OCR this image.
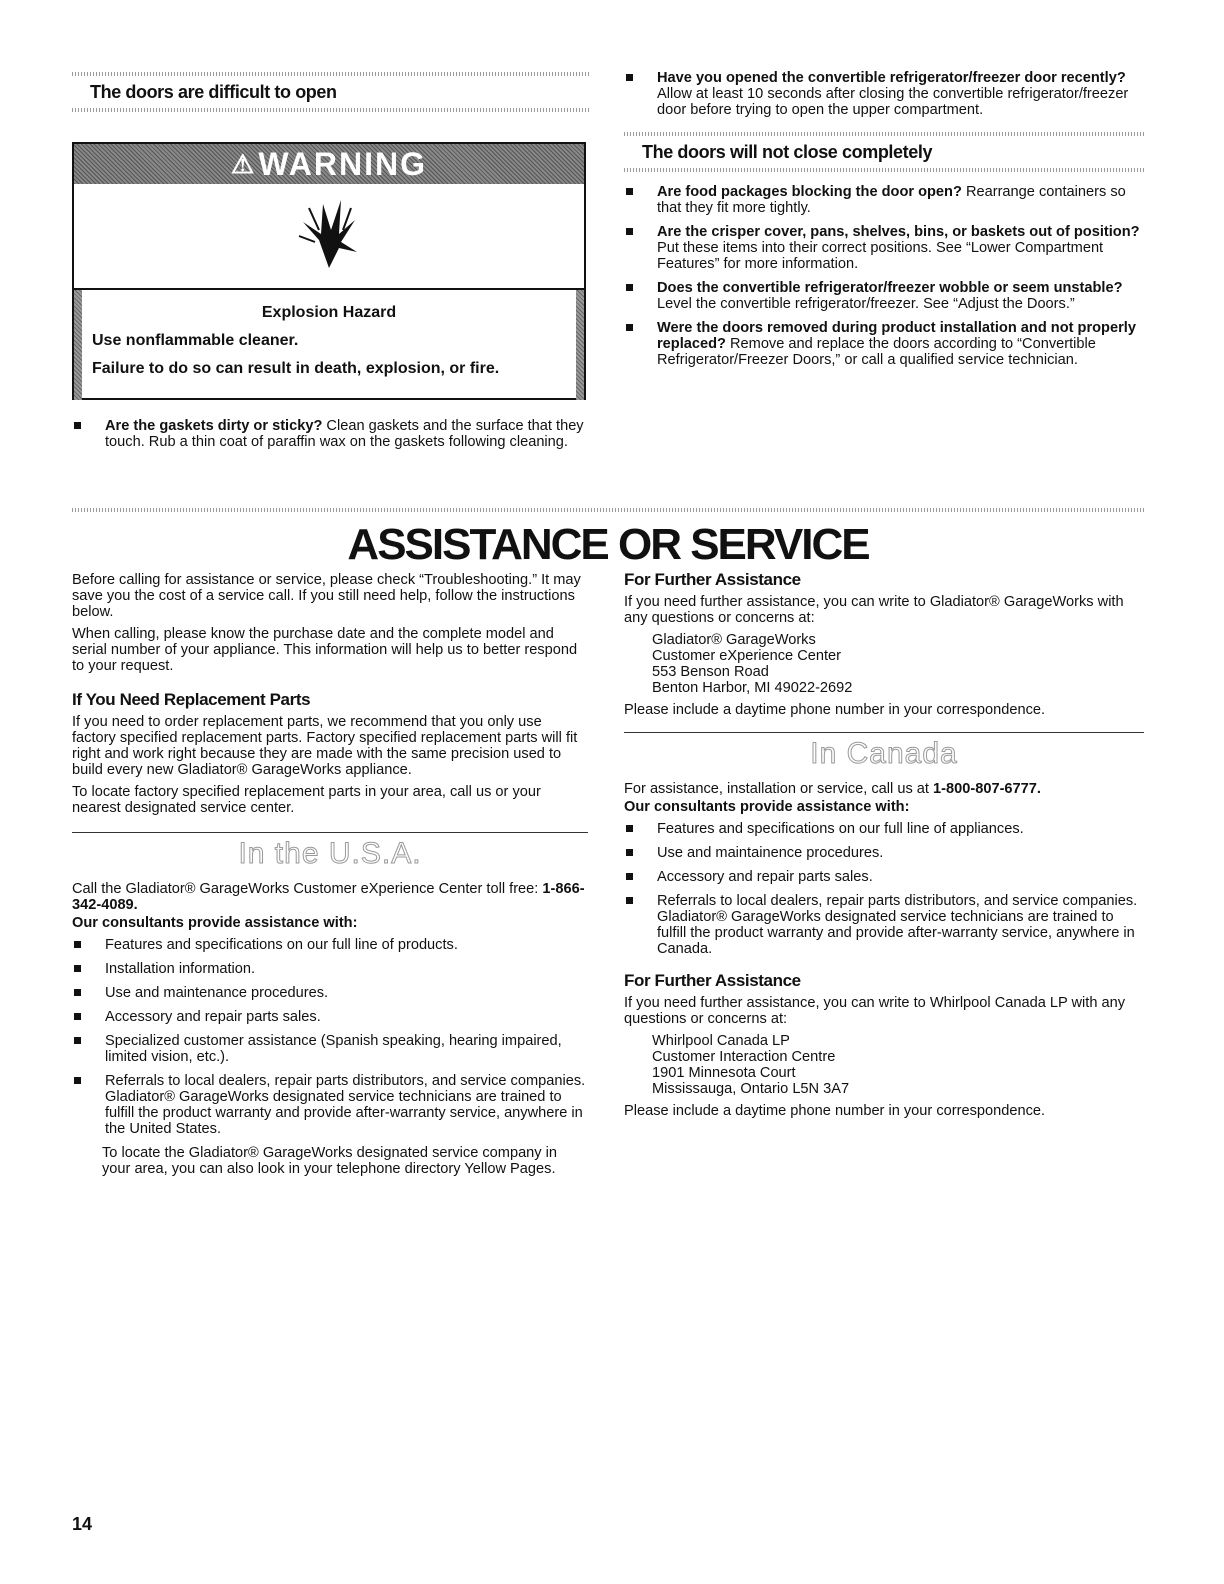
The doors are difficult to open
⚠ WARNING
Explosion Hazard
Use nonflammable cleaner.
Failure to do so can result in death, explosion, or fire.
Are the gaskets dirty or sticky? Clean gaskets and the surface that they touch. Rub a thin coat of paraffin wax on the gaskets following cleaning.
Have you opened the convertible refrigerator/freezer door recently? Allow at least 10 seconds after closing the convertible refrigerator/freezer door before trying to open the upper compartment.
The doors will not close completely
Are food packages blocking the door open? Rearrange containers so that they fit more tightly.
Are the crisper cover, pans, shelves, bins, or baskets out of position? Put these items into their correct positions. See “Lower Compartment Features” for more information.
Does the convertible refrigerator/freezer wobble or seem unstable? Level the convertible refrigerator/freezer. See “Adjust the Doors.”
Were the doors removed during product installation and not properly replaced? Remove and replace the doors according to “Convertible Refrigerator/Freezer Doors,” or call a qualified service technician.
ASSISTANCE OR SERVICE

Before calling for assistance or service, please check “Troubleshooting.” It may save you the cost of a service call. If you still need help, follow the instructions below.

When calling, please know the purchase date and the complete model and serial number of your appliance. This information will help us to better respond to your request.

If You Need Replacement Parts

If you need to order replacement parts, we recommend that you only use factory specified replacement parts. Factory specified replacement parts will fit right and work right because they are made with the same precision used to build every new Gladiator® GarageWorks appliance.

To locate factory specified replacement parts in your area, call us or your nearest designated service center.

In the U.S.A.

Call the Gladiator® GarageWorks Customer eXperience Center toll free: 1-866-342-4089.

Our consultants provide assistance with:
Features and specifications on our full line of products.
Installation information.
Use and maintenance procedures.
Accessory and repair parts sales.
Specialized customer assistance (Spanish speaking, hearing impaired, limited vision, etc.).
Referrals to local dealers, repair parts distributors, and service companies. Gladiator® GarageWorks designated service technicians are trained to fulfill the product warranty and provide after-warranty service, anywhere in the United States.

To locate the Gladiator® GarageWorks designated service company in your area, you can also look in your telephone directory Yellow Pages.

For Further Assistance

If you need further assistance, you can write to Gladiator® GarageWorks with any questions or concerns at:

Gladiator® GarageWorks
Customer eXperience Center
553 Benson Road
Benton Harbor, MI 49022-2692

Please include a daytime phone number in your correspondence.

In Canada

For assistance, installation or service, call us at 1-800-807-6777.

Our consultants provide assistance with:
Features and specifications on our full line of appliances.
Use and maintainence procedures.
Accessory and repair parts sales.
Referrals to local dealers, repair parts distributors, and service companies. Gladiator® GarageWorks designated service technicians are trained to fulfill the product warranty and provide after-warranty service, anywhere in Canada.
For Further Assistance

If you need further assistance, you can write to Whirlpool Canada LP with any questions or concerns at:

Whirlpool Canada LP
Customer Interaction Centre
1901 Minnesota Court
Mississauga, Ontario L5N 3A7

Please include a daytime phone number in your correspondence.

14
